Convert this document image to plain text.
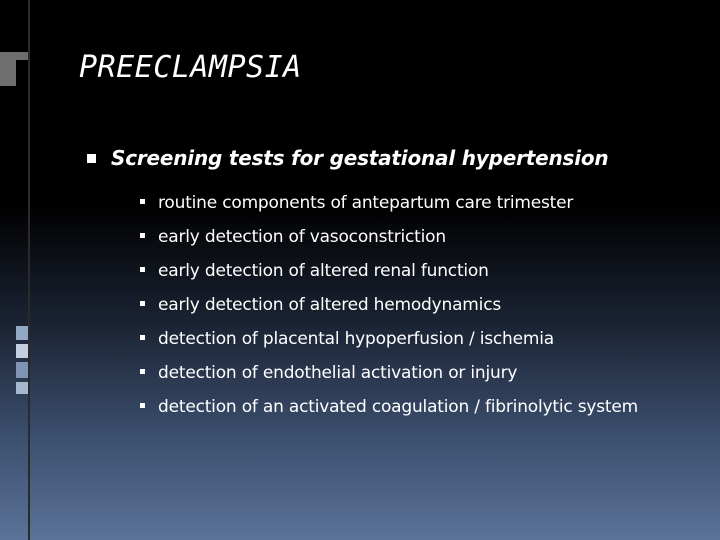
PREECLAMPSIA
Screening tests for gestational hypertension
routine components of antepartum care trimester
early detection of vasoconstriction
early detection of altered renal function
early detection of altered hemodynamics
detection of placental hypoperfusion / ischemia
detection of endothelial activation or injury
detection of an activated coagulation / fibrinolytic system
